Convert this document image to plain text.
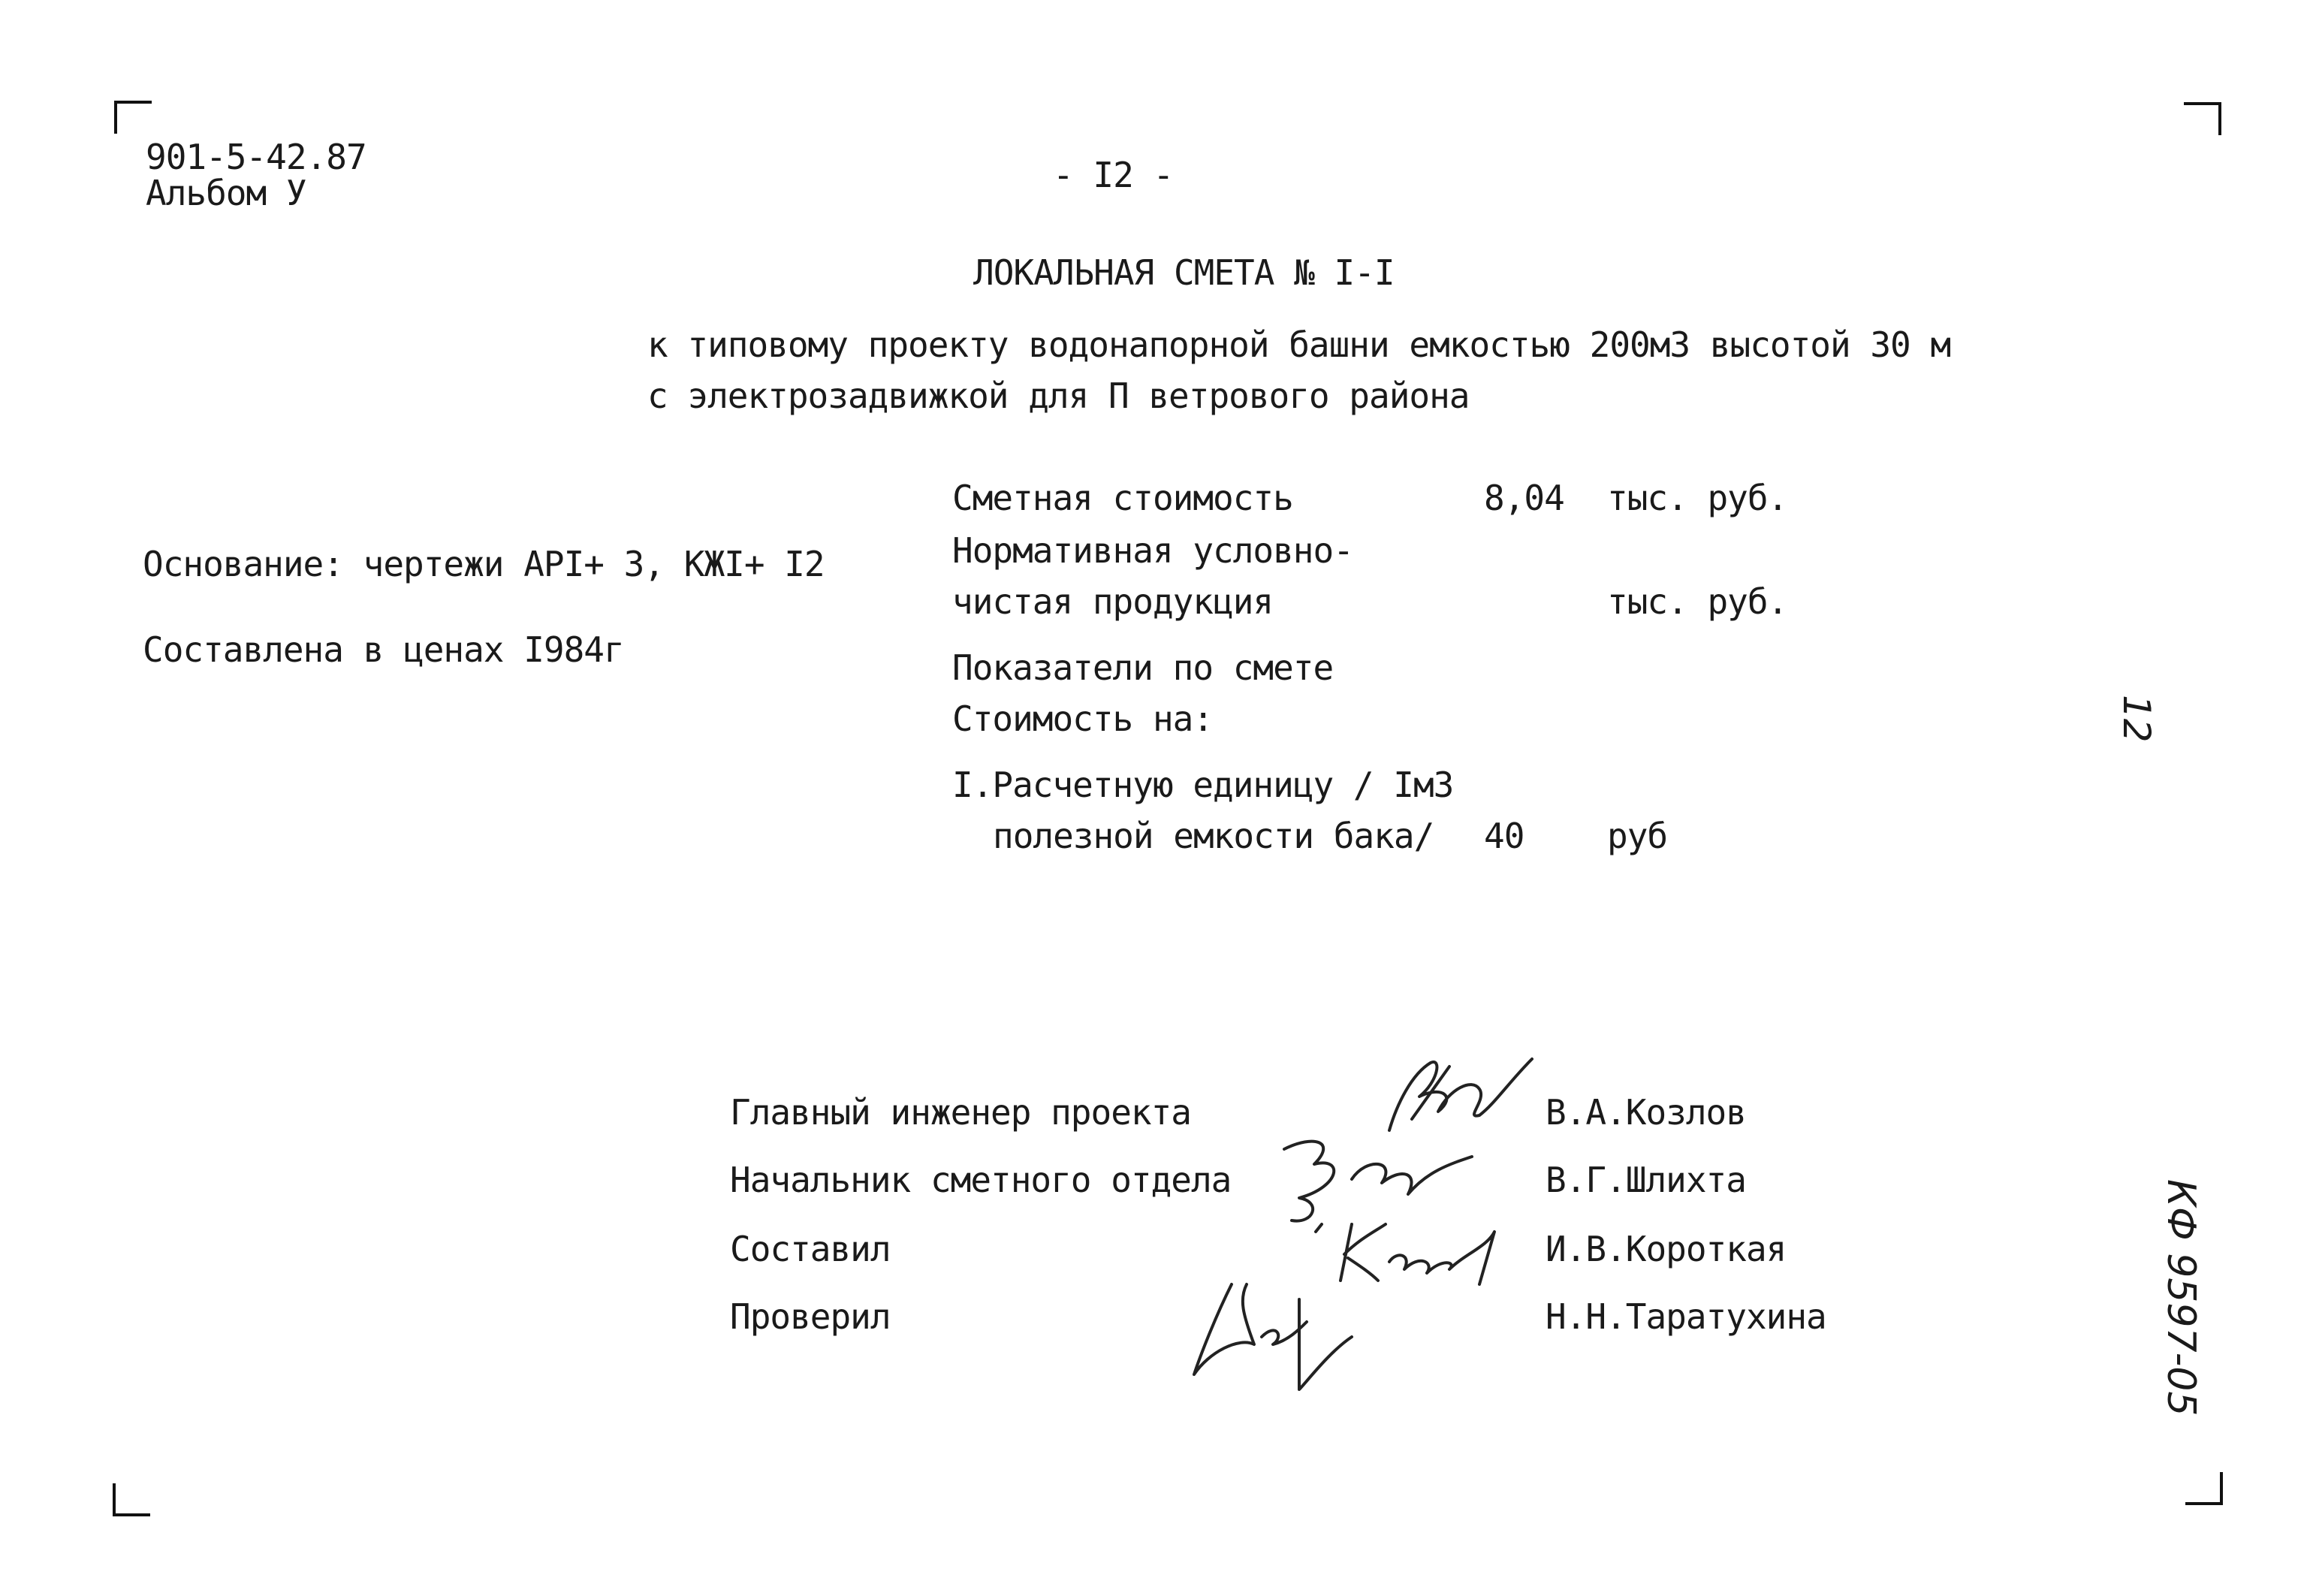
901-5-42.87
Альбом У	- I2 -
ЛОКАЛЬНАЯ СМЕТА № I-I
к типовому проекту водонапорной башни емкостью 200м3 высотой 30 м
с электрозадвижкой для П ветрового района
Основание: чертежи АРI+ 3, КЖI+ I2
Составлена в ценах I984г
Сметная стоимость	8,04 тыс. руб.
Нормативная условно-
чистая продукция	тыс. руб.
Показатели по смете
Стоимость на:
I.Расчетную единицу / Iм3
полезной емкости бака/ 40 руб
Главный инженер проекта	В.А.Козлов
Начальник сметного отдела	В.Г.Шлихта
Составил	И.В.Короткая
Проверил	Н.Н.Таратухина
12
КФ 9597-05
